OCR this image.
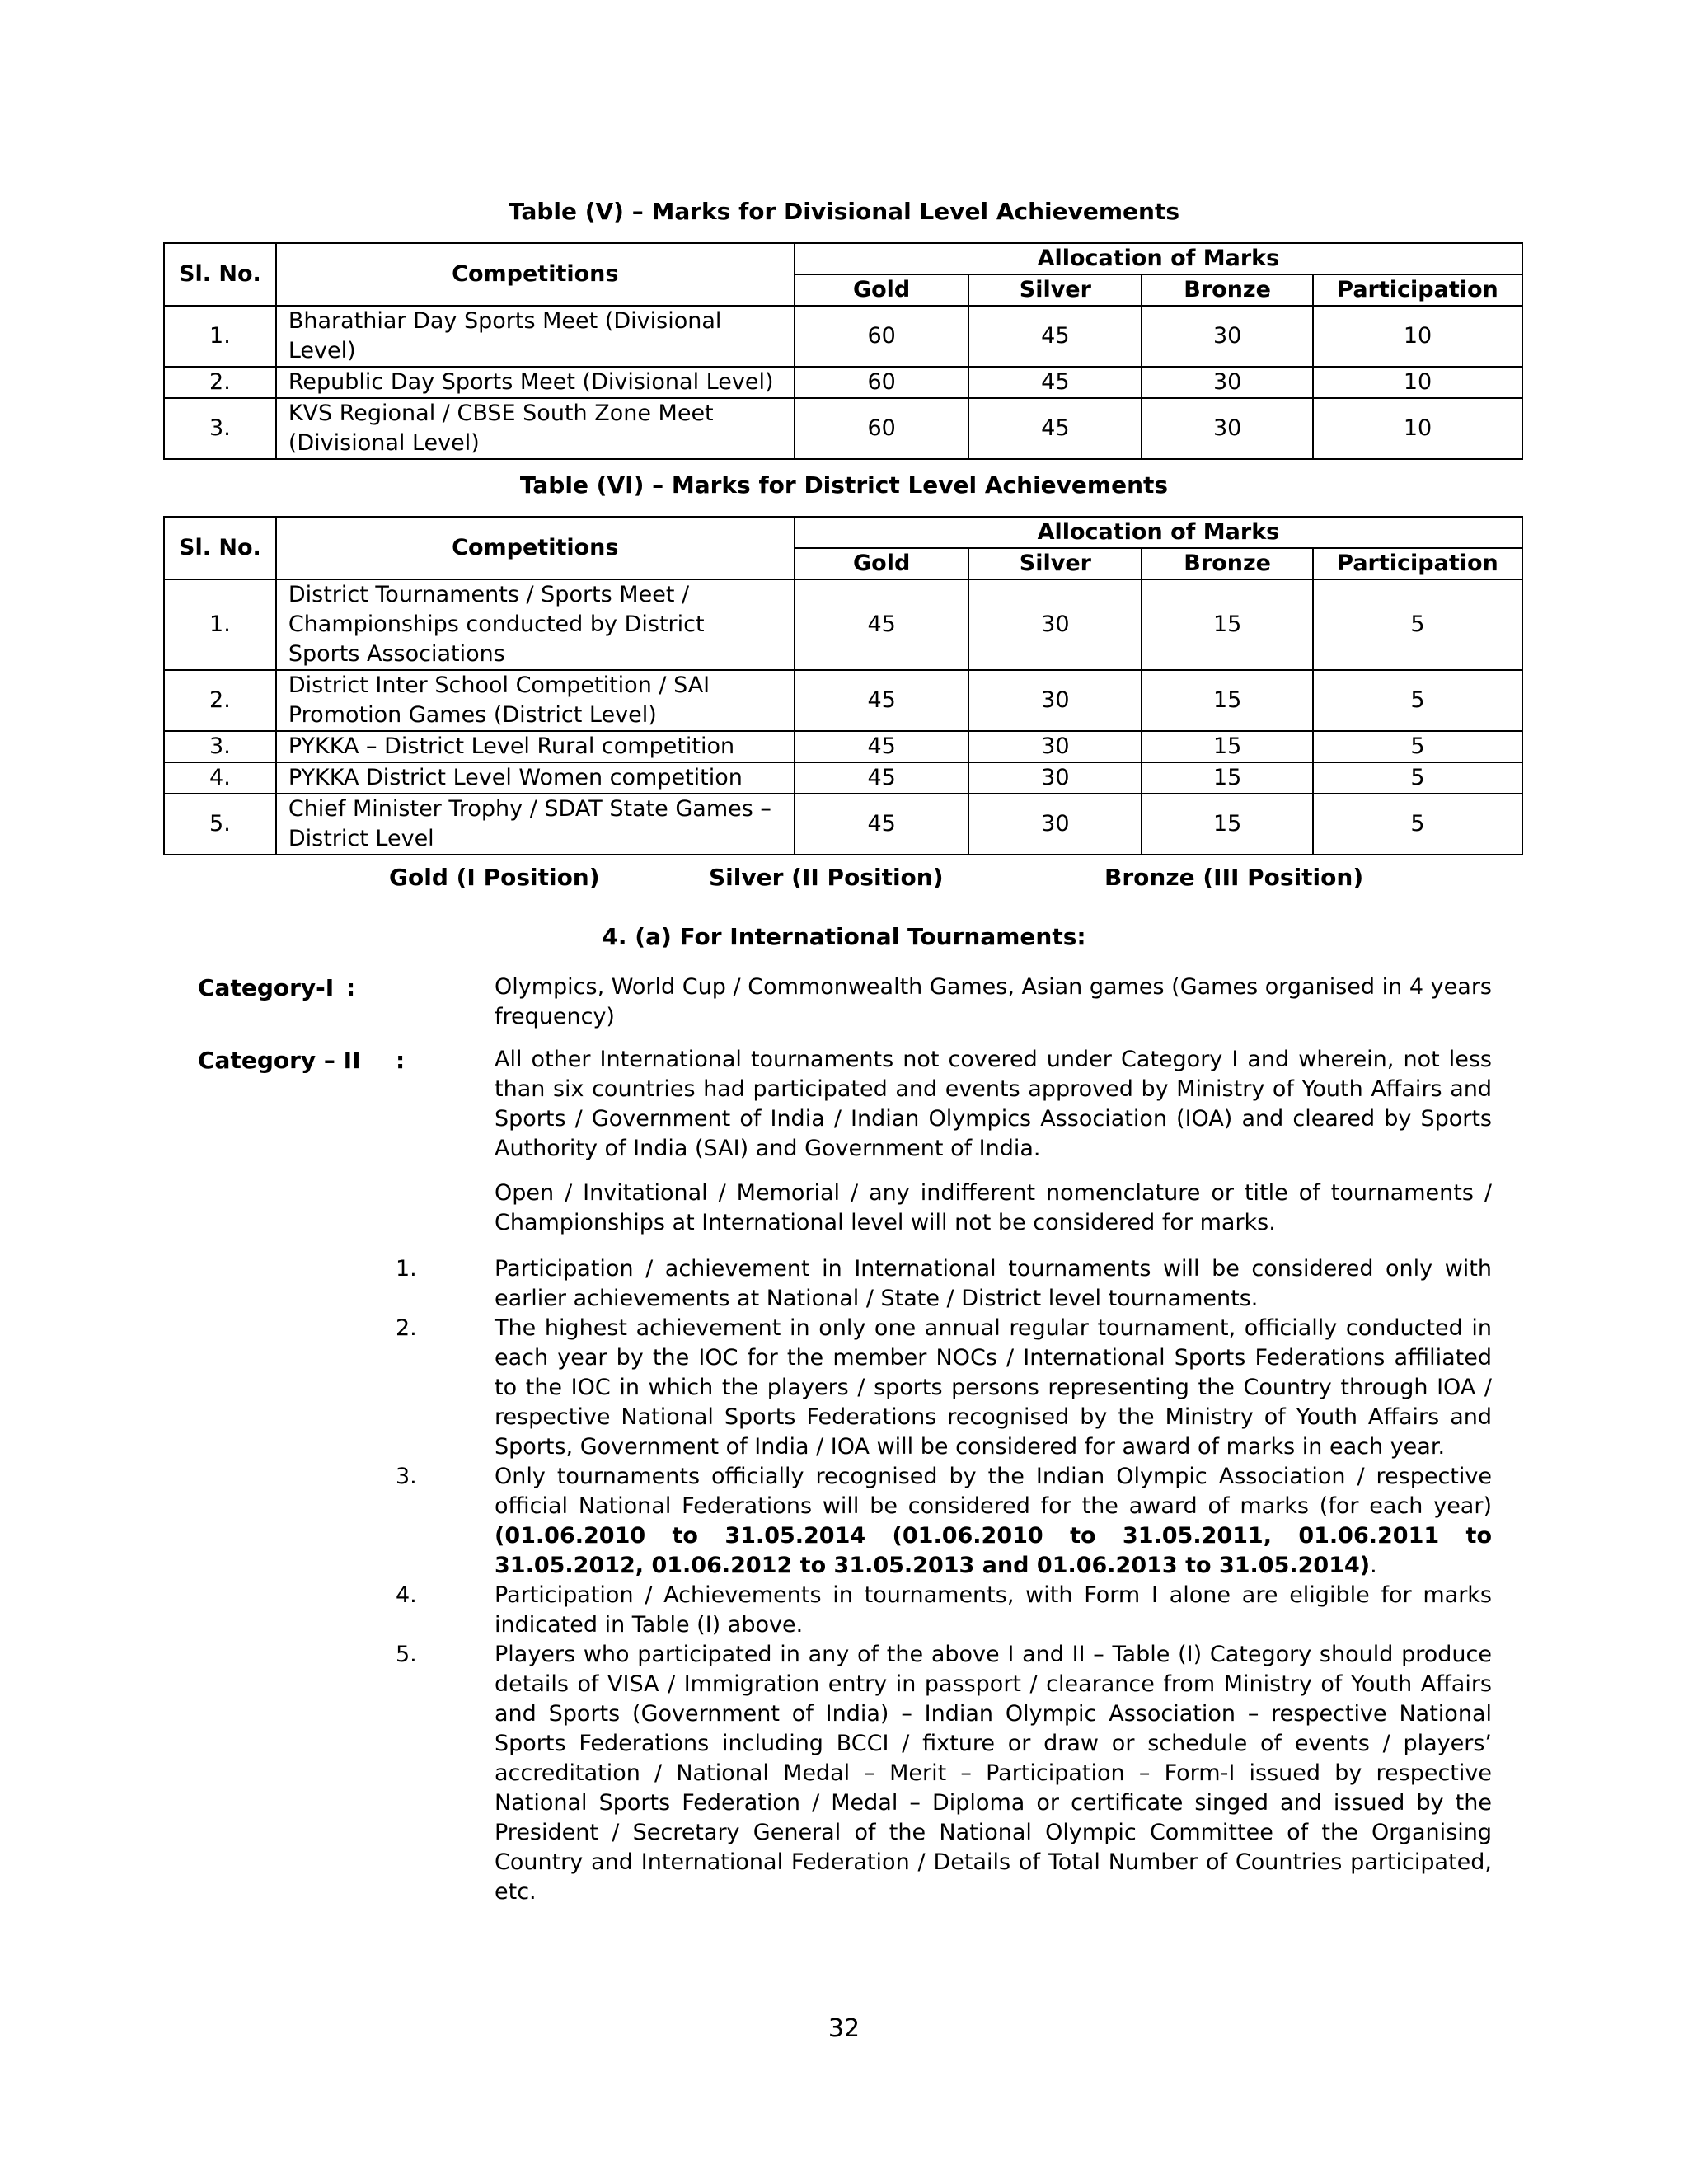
Table (V) – Marks for Divisional Level Achievements
Sl. No.	Competitions	Allocation of Marks			
		Gold	Silver	Bronze	Participation
1.	Bharathiar Day Sports Meet (Divisional Level)	60	45	30	10
2.	Republic Day Sports Meet (Divisional Level)	60	45	30	10
3.	KVS Regional / CBSE South Zone Meet (Divisional Level)	60	45	30	10
Table (VI) – Marks for District Level Achievements
Sl. No.	Competitions	Allocation of Marks			
		Gold	Silver	Bronze	Participation
1.	District Tournaments / Sports Meet / Championships conducted by District Sports Associations	45	30	15	5
2.	District Inter School Competition / SAI Promotion Games (District Level)	45	30	15	5
3.	PYKKA – District Level Rural competition	45	30	15	5
4.	PYKKA District Level Women competition	45	30	15	5
5.	Chief Minister Trophy / SDAT State Games – District Level	45	30	15	5
Gold (I Position)	Silver (II Position)	Bronze (III Position)
4. (a) For International Tournaments:
Category-I :	Olympics, World Cup / Commonwealth Games, Asian games (Games organised in 4 years frequency)
Category – II :	All other International tournaments not covered under Category I and wherein, not less than six countries had participated and events approved by Ministry of Youth Affairs and Sports / Government of India / Indian Olympics Association (IOA) and cleared by Sports Authority of India (SAI) and Government of India.
Open / Invitational / Memorial / any indifferent nomenclature or title of tournaments / Championships at International level will not be considered for marks.
1.	Participation / achievement in International tournaments will be considered only with earlier achievements at National / State / District level tournaments.
2.	The highest achievement in only one annual regular tournament, officially conducted in each year by the IOC for the member NOCs / International Sports Federations affiliated to the IOC in which the players / sports persons representing the Country through IOA / respective National Sports Federations recognised by the Ministry of Youth Affairs and Sports, Government of India / IOA will be considered for award of marks in each year.
3.	Only tournaments officially recognised by the Indian Olympic Association / respective official National Federations will be considered for the award of marks (for each year) (01.06.2010 to 31.05.2014 (01.06.2010 to 31.05.2011, 01.06.2011 to 31.05.2012, 01.06.2012 to 31.05.2013 and 01.06.2013 to 31.05.2014).
4.	Participation / Achievements in tournaments, with Form I alone are eligible for marks indicated in Table (I) above.
5.	Players who participated in any of the above I and II – Table (I) Category should produce details of VISA / Immigration entry in passport / clearance from Ministry of Youth Affairs and Sports (Government of India) – Indian Olympic Association – respective National Sports Federations including BCCI / fixture or draw or schedule of events / players’ accreditation / National Medal – Merit – Participation – Form-I issued by respective National Sports Federation / Medal – Diploma or certificate singed and issued by the President / Secretary General of the National Olympic Committee of the Organising Country and International Federation / Details of Total Number of Countries participated, etc.
32
